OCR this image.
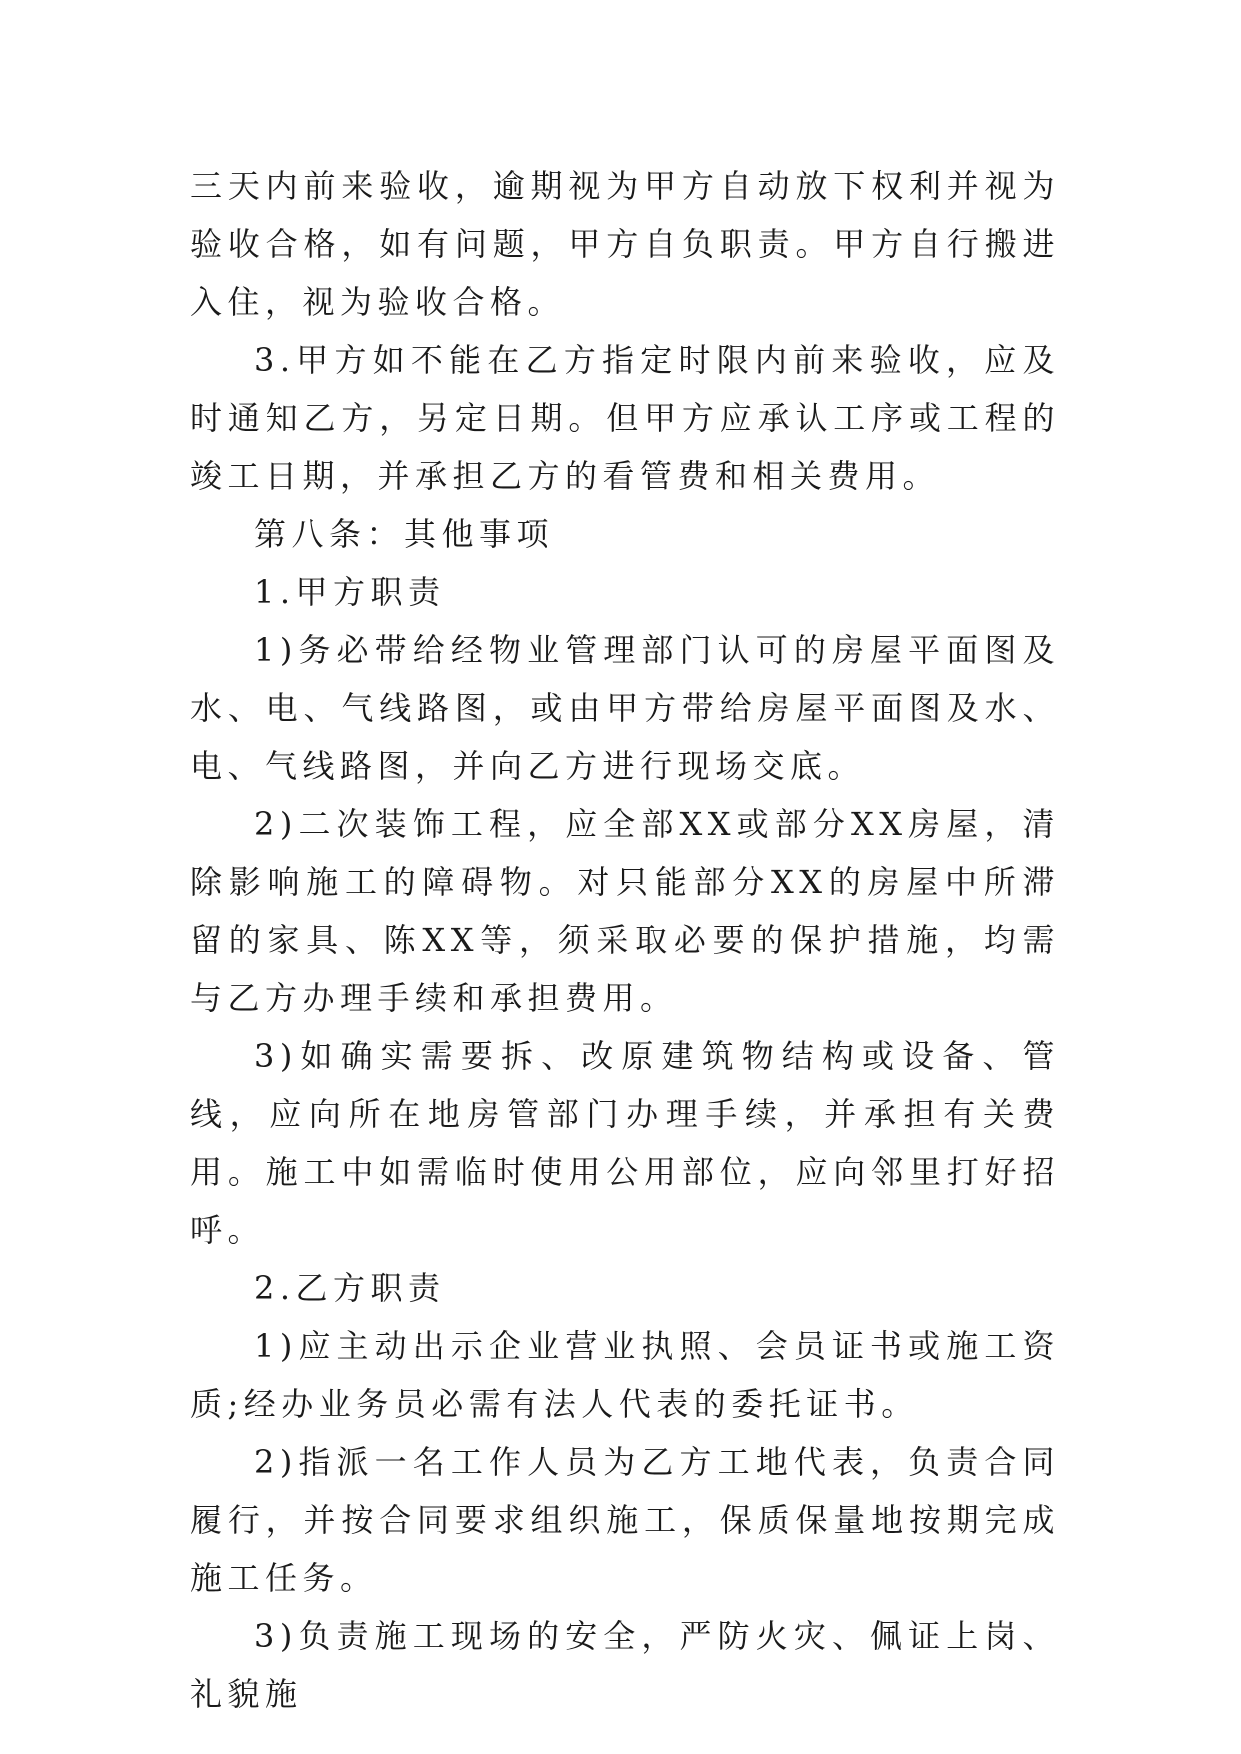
三天内前来验收，逾期视为甲方自动放下权利并视为验收合格，如有问题，甲方自负职责。甲方自行搬进入住，视为验收合格。

3.甲方如不能在乙方指定时限内前来验收，应及时通知乙方，另定日期。但甲方应承认工序或工程的竣工日期，并承担乙方的看管费和相关费用。

第八条：其他事项

1.甲方职责

1)务必带给经物业管理部门认可的房屋平面图及水、电、气线路图，或由甲方带给房屋平面图及水、电、气线路图，并向乙方进行现场交底。

2)二次装饰工程，应全部XX或部分XX房屋，清除影响施工的障碍物。对只能部分XX的房屋中所滞留的家具、陈XX等，须采取必要的保护措施，均需与乙方办理手续和承担费用。

3)如确实需要拆、改原建筑物结构或设备、管线，应向所在地房管部门办理手续，并承担有关费用。施工中如需临时使用公用部位，应向邻里打好招呼。

2.乙方职责

1)应主动出示企业营业执照、会员证书或施工资质;经办业务员必需有法人代表的委托证书。

2)指派一名工作人员为乙方工地代表，负责合同履行，并按合同要求组织施工，保质保量地按期完成施工任务。

3)负责施工现场的安全，严防火灾、佩证上岗、礼貌施
